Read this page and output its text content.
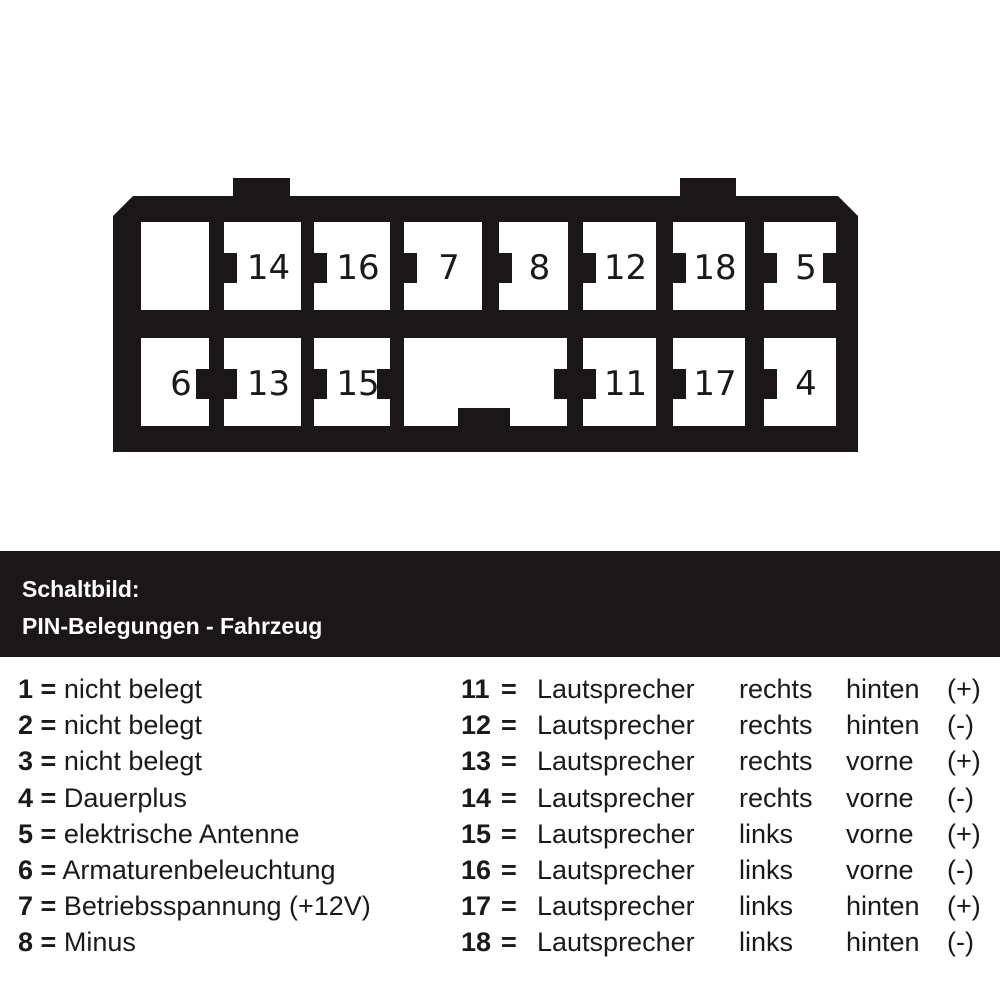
14 16 7 8 12 18 5
6 13 15	11 17 4
Schaltbild:
PIN-Belegungen - Fahrzeug
1 = nicht belegt
2 = nicht belegt
3 = nicht belegt
4 = Dauerplus
5 = elektrische Antenne
6 = Armaturenbeleuchtung
7 = Betriebsspannung (+12V)
8 = Minus
11 = Lautsprecher rechts hinten (+)
12 = Lautsprecher rechts hinten (-)
13 = Lautsprecher rechts vorne (+)
14 = Lautsprecher rechts vorne (-)
15 = Lautsprecher links vorne (+)
16 = Lautsprecher links vorne (-)
17 = Lautsprecher links hinten (+)
18 = Lautsprecher links hinten (-)
